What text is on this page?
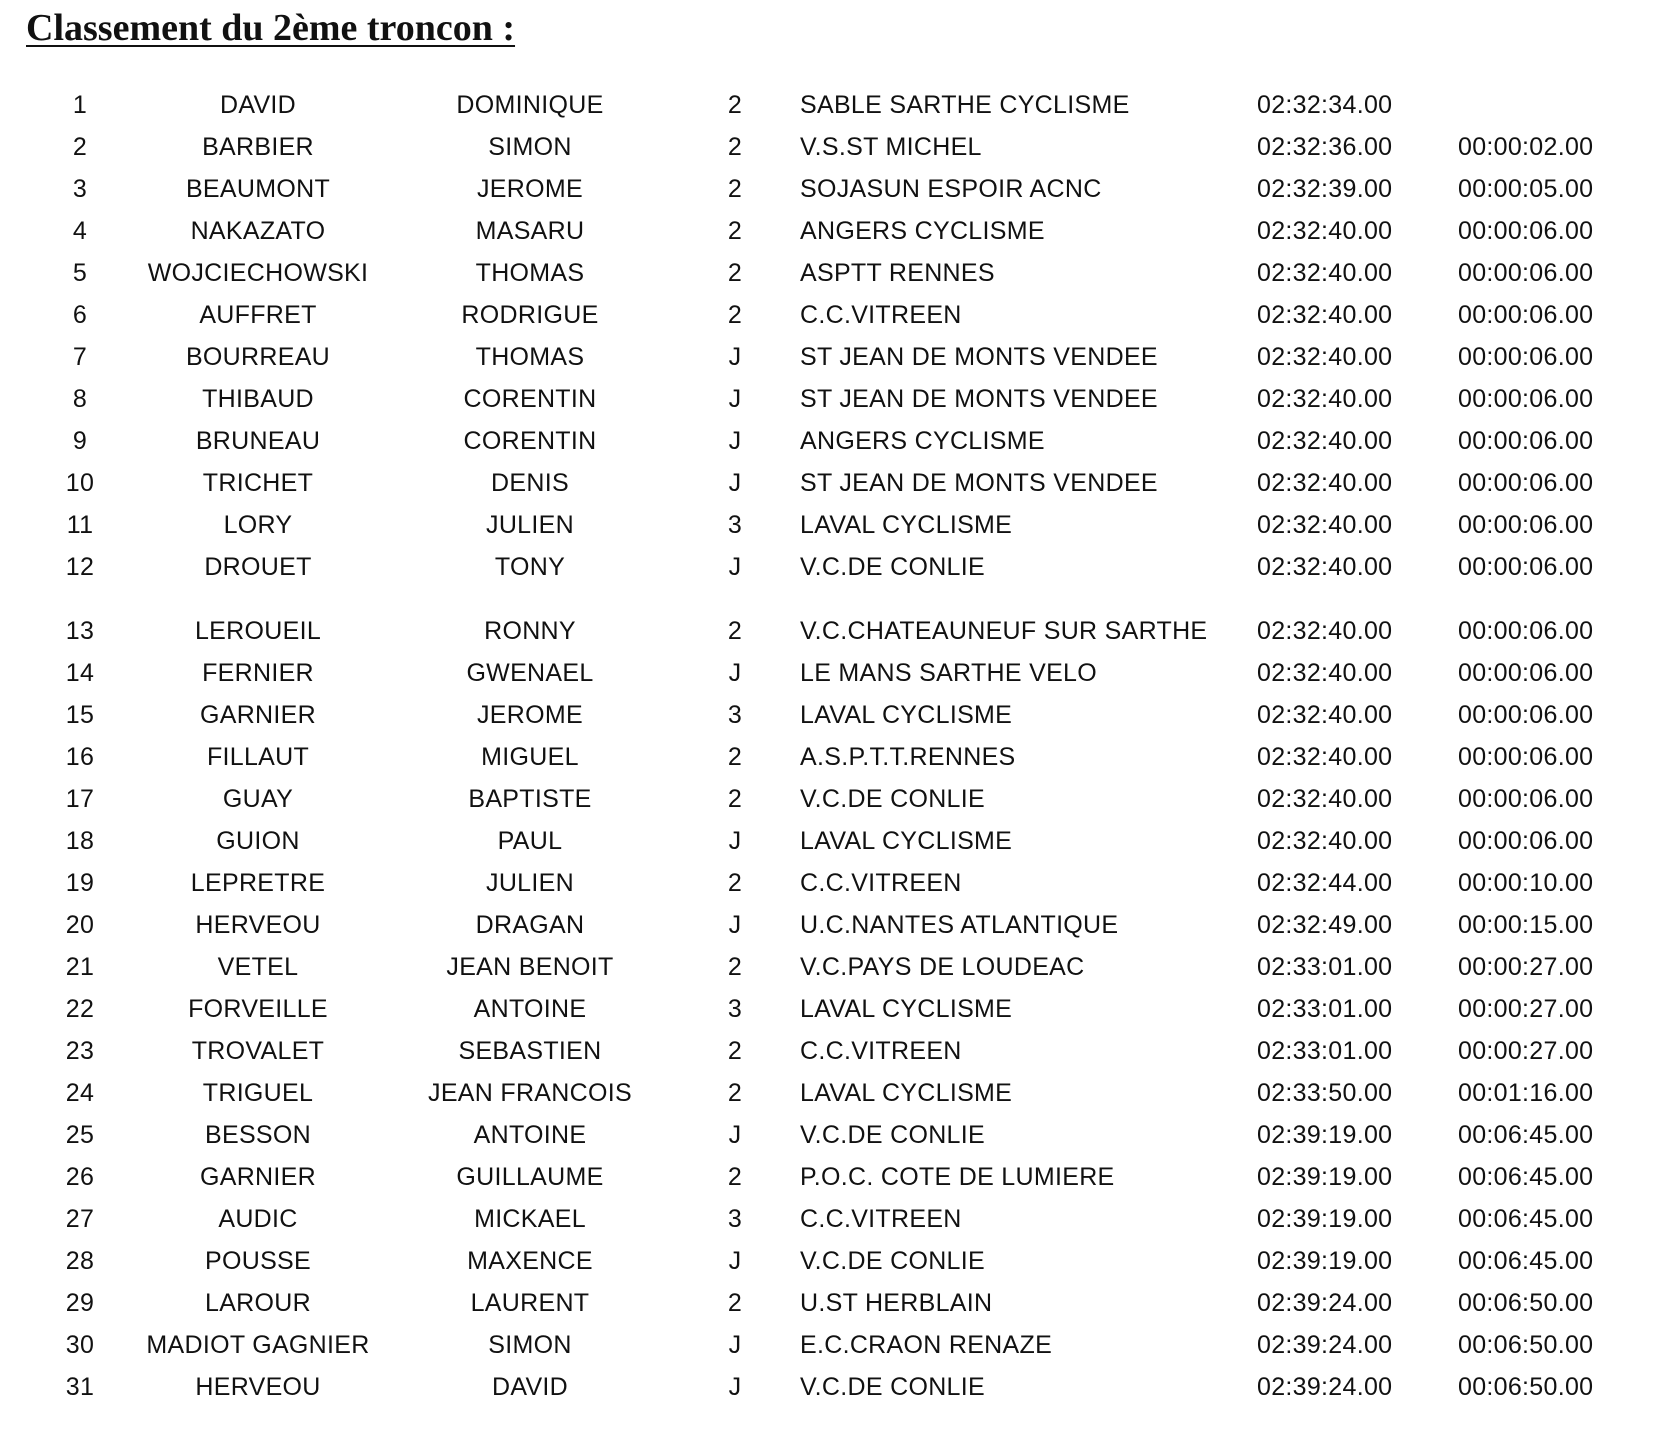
Classement du 2ème troncon :
1	DAVID	DOMINIQUE	2	SABLE SARTHE CYCLISME	02:32:34.00
2	BARBIER	SIMON	2	V.S.ST MICHEL	02:32:36.00	00:00:02.00
3	BEAUMONT	JEROME	2	SOJASUN ESPOIR ACNC	02:32:39.00	00:00:05.00
4	NAKAZATO	MASARU	2	ANGERS CYCLISME	02:32:40.00	00:00:06.00
5	WOJCIECHOWSKI	THOMAS	2	ASPTT RENNES	02:32:40.00	00:00:06.00
6	AUFFRET	RODRIGUE	2	C.C.VITREEN	02:32:40.00	00:00:06.00
7	BOURREAU	THOMAS	J	ST JEAN DE MONTS VENDEE	02:32:40.00	00:00:06.00
8	THIBAUD	CORENTIN	J	ST JEAN DE MONTS VENDEE	02:32:40.00	00:00:06.00
9	BRUNEAU	CORENTIN	J	ANGERS CYCLISME	02:32:40.00	00:00:06.00
10	TRICHET	DENIS	J	ST JEAN DE MONTS VENDEE	02:32:40.00	00:00:06.00
11	LORY	JULIEN	3	LAVAL CYCLISME	02:32:40.00	00:00:06.00
12	DROUET	TONY	J	V.C.DE CONLIE	02:32:40.00	00:00:06.00
13	LEROUEIL	RONNY	2	V.C.CHATEAUNEUF SUR SARTHE	02:32:40.00	00:00:06.00
14	FERNIER	GWENAEL	J	LE MANS SARTHE VELO	02:32:40.00	00:00:06.00
15	GARNIER	JEROME	3	LAVAL CYCLISME	02:32:40.00	00:00:06.00
16	FILLAUT	MIGUEL	2	A.S.P.T.T.RENNES	02:32:40.00	00:00:06.00
17	GUAY	BAPTISTE	2	V.C.DE CONLIE	02:32:40.00	00:00:06.00
18	GUION	PAUL	J	LAVAL CYCLISME	02:32:40.00	00:00:06.00
19	LEPRETRE	JULIEN	2	C.C.VITREEN	02:32:44.00	00:00:10.00
20	HERVEOU	DRAGAN	J	U.C.NANTES ATLANTIQUE	02:32:49.00	00:00:15.00
21	VETEL	JEAN BENOIT	2	V.C.PAYS DE LOUDEAC	02:33:01.00	00:00:27.00
22	FORVEILLE	ANTOINE	3	LAVAL CYCLISME	02:33:01.00	00:00:27.00
23	TROVALET	SEBASTIEN	2	C.C.VITREEN	02:33:01.00	00:00:27.00
24	TRIGUEL	JEAN FRANCOIS	2	LAVAL CYCLISME	02:33:50.00	00:01:16.00
25	BESSON	ANTOINE	J	V.C.DE CONLIE	02:39:19.00	00:06:45.00
26	GARNIER	GUILLAUME	2	P.O.C. COTE DE LUMIERE	02:39:19.00	00:06:45.00
27	AUDIC	MICKAEL	3	C.C.VITREEN	02:39:19.00	00:06:45.00
28	POUSSE	MAXENCE	J	V.C.DE CONLIE	02:39:19.00	00:06:45.00
29	LAROUR	LAURENT	2	U.ST HERBLAIN	02:39:24.00	00:06:50.00
30	MADIOT GAGNIER	SIMON	J	E.C.CRAON RENAZE	02:39:24.00	00:06:50.00
31	HERVEOU	DAVID	J	V.C.DE CONLIE	02:39:24.00	00:06:50.00
